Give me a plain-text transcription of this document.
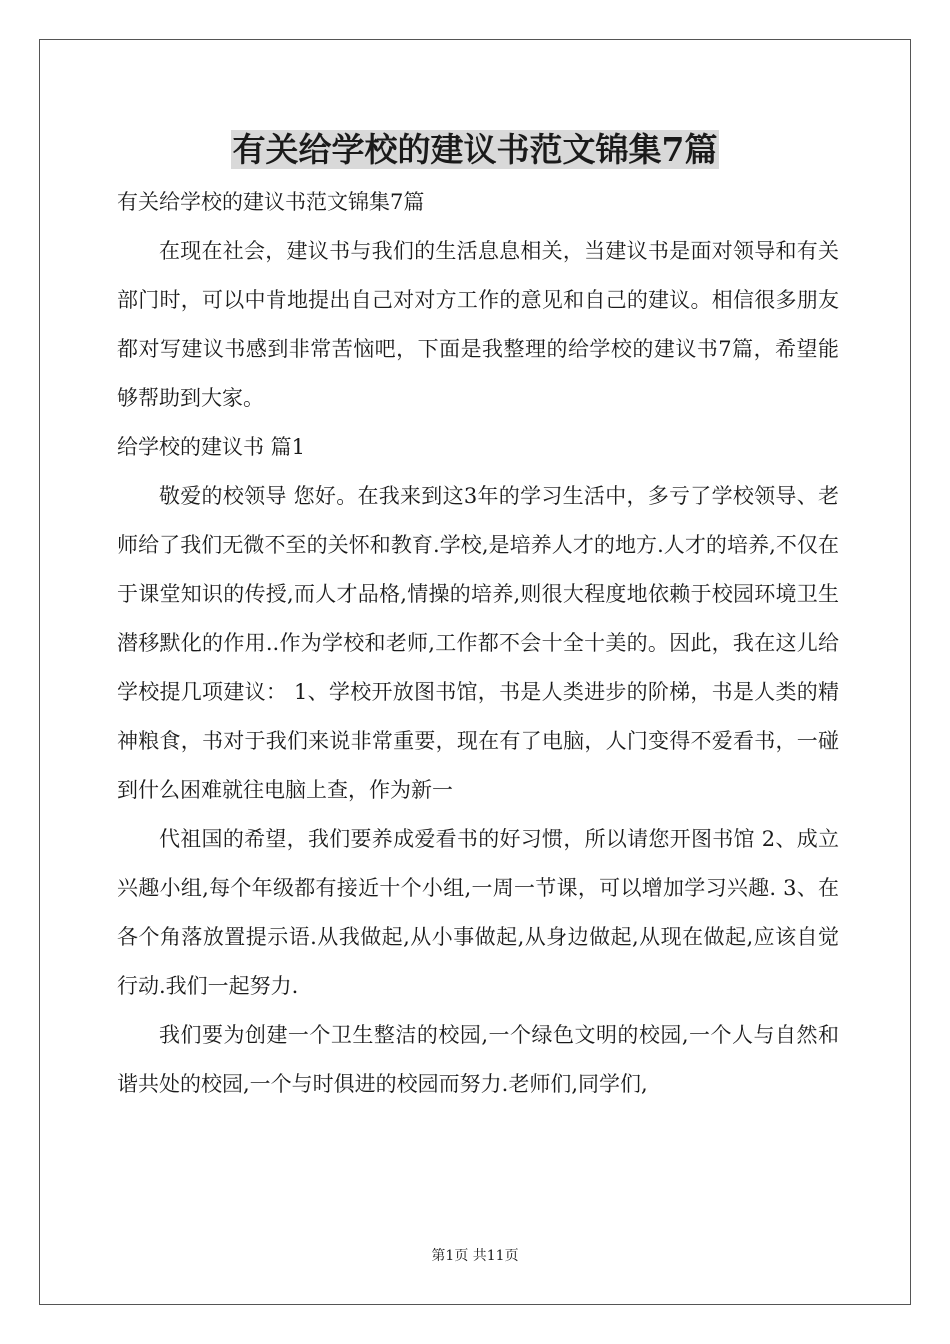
有关给学校的建议书范文锦集7篇

有关给学校的建议书范文锦集7篇

在现在社会，建议书与我们的生活息息相关，当建议书是面对领导和有关部门时，可以中肯地提出自己对对方工作的意见和自己的建议。相信很多朋友都对写建议书感到非常苦恼吧，下面是我整理的给学校的建议书7篇，希望能够帮助到大家。

给学校的建议书 篇1

敬爱的校领导 您好。在我来到这3年的学习生活中，多亏了学校领导、老师给了我们无微不至的关怀和教育.学校,是培养人才的地方.人才的培养,不仅在于课堂知识的传授,而人才品格,情操的培养,则很大程度地依赖于校园环境卫生潜移默化的作用..作为学校和老师,工作都不会十全十美的。因此，我在这儿给学校提几项建议： 1、学校开放图书馆，书是人类进步的阶梯，书是人类的精神粮食，书对于我们来说非常重要，现在有了电脑，人门变得不爱看书，一碰到什么困难就往电脑上查，作为新一

代祖国的希望，我们要养成爱看书的好习惯，所以请您开图书馆 2、成立兴趣小组,每个年级都有接近十个小组,一周一节课，可以增加学习兴趣. 3、在各个角落放置提示语.从我做起,从小事做起,从身边做起,从现在做起,应该自觉行动.我们一起努力.

我们要为创建一个卫生整洁的校园,一个绿色文明的校园,一个人与自然和谐共处的校园,一个与时俱进的校园而努力.老师们,同学们,

第1页 共11页
